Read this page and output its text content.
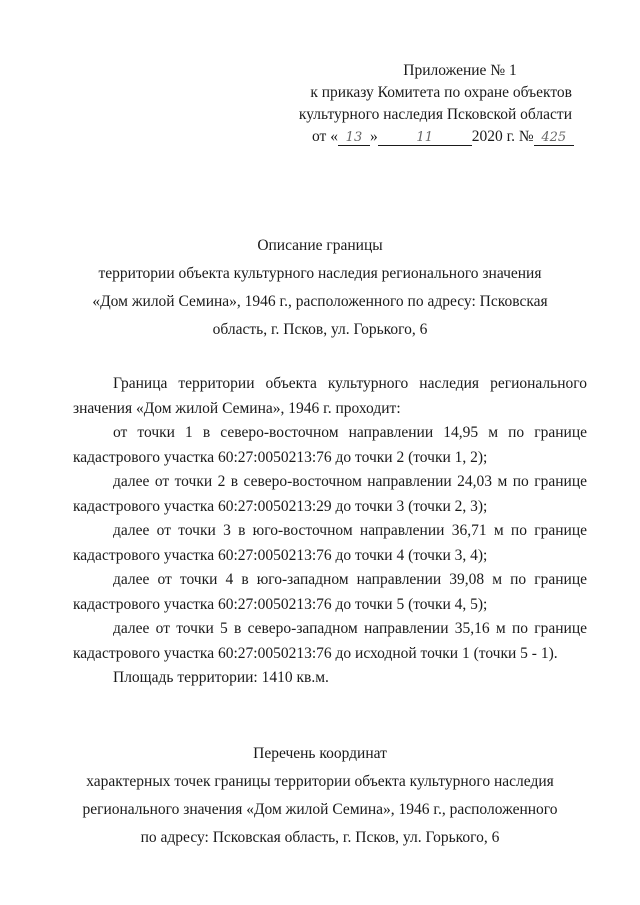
Приложение № 1
к приказу Комитета по охране объектов
культурного наследия Псковской области
от « 13 »	11 2020 г. № 425
Описание границы
территории объекта культурного наследия регионального значения
«Дом жилой Семина», 1946 г., расположенного по адресу: Псковская
область, г. Псков, ул. Горького, 6

Граница территории объекта культурного наследия регионального значения «Дом жилой Семина», 1946 г. проходит:

от точки 1 в северо-восточном направлении 14,95 м по границе кадастрового участка 60:27:0050213:76 до точки 2 (точки 1, 2);

далее от точки 2 в северо-восточном направлении 24,03 м по границе кадастрового участка 60:27:0050213:29 до точки 3 (точки 2, 3);

далее от точки 3 в юго-восточном направлении 36,71 м по границе кадастрового участка 60:27:0050213:76 до точки 4 (точки 3, 4);

далее от точки 4 в юго-западном направлении 39,08 м по границе кадастрового участка 60:27:0050213:76 до точки 5 (точки 4, 5);

далее от точки 5 в северо-западном направлении 35,16 м по границе кадастрового участка 60:27:0050213:76 до исходной точки 1 (точки 5 - 1).

Площадь территории: 1410 кв.м.

Перечень координат
характерных точек границы территории объекта культурного наследия
регионального значения «Дом жилой Семина», 1946 г., расположенного
по адресу: Псковская область, г. Псков, ул. Горького, 6
